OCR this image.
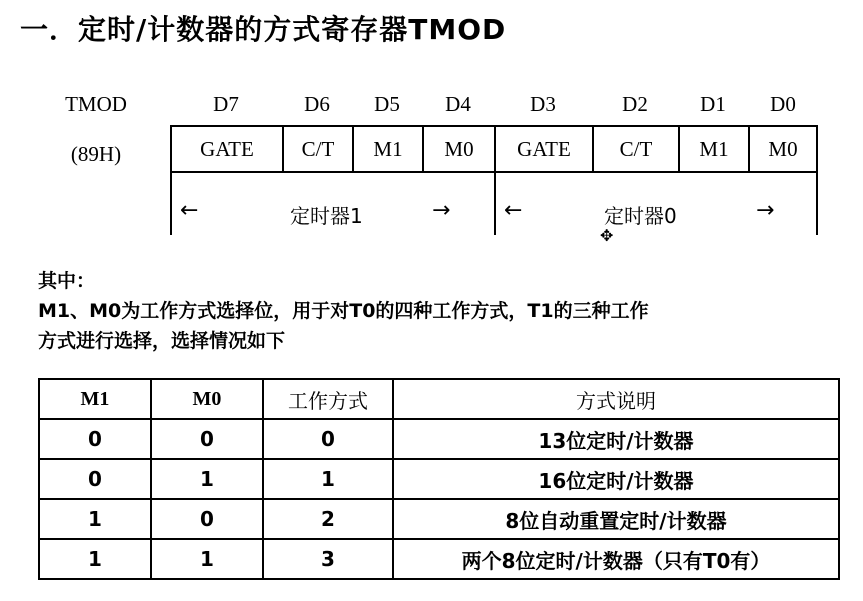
一．定时/计数器的方式寄存器TMOD
TMOD
(89H)
D7	D6	D5	D4	D3	D2	D1	D0
GATE	C/T	M1	M0	GATE	C/T	M1	M0
←	定时器1	→ ←	定时器0	→
✥
其中：
M1、M0为工作方式选择位，用于对T0的四种工作方式，T1的三种工作
方式进行选择，选择情况如下
M1	M0	工作方式	方式说明
0	0	0	13位定时/计数器
0	1	1	16位定时/计数器
1	0	2	8位自动重置定时/计数器
1	1	3	两个8位定时/计数器（只有T0有）
